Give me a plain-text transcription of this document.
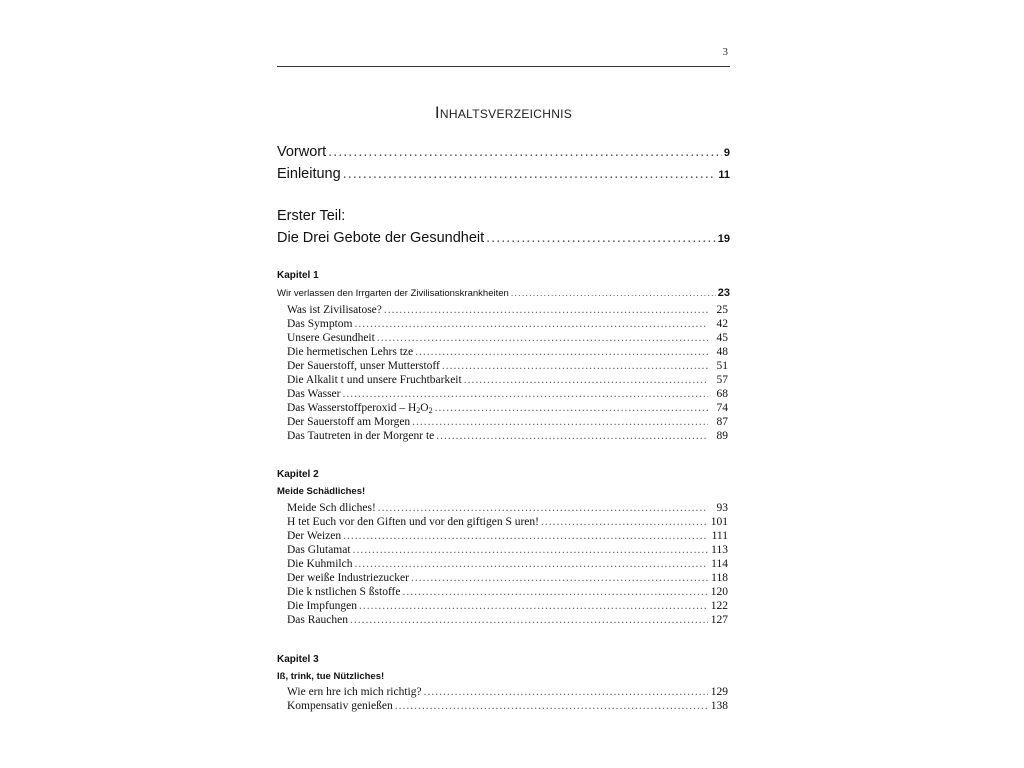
3
Inhaltsverzeichnis
Vorwort .....	9
Einleitung .....	11
Erster Teil:
Die Drei Gebote der Gesundheit .....	19
Kapitel 1
Wir verlassen den Irrgarten der Zivilisationskrankheiten .....	23
Was ist Zivilisatose? .....	25
Das Symptom .....	42
Unsere Gesundheit .....	45
Die hermetischen Lehrs tze .....	48
Der Sauerstoff, unser Mutterstoff .....	51
Die Alkalit t und unsere Fruchtbarkeit .....	57
Das Wasser .....	68
Das Wasserstoffperoxid – $H_2O_2$ .....	74
Der Sauerstoff am Morgen .....	87
Das Tautreten in der Morgenr te .....	89
Kapitel 2
Meide Schädliches!
Meide Sch dliches! .....	93
H tet Euch vor den Giften und vor den giftigen S uren! .....	101
Der Weizen .....	111
Das Glutamat .....	113
Die Kuhmilch .....	114
Der weiße Industriezucker .....	118
Die k nstlichen S ßstoffe .....	120
Die Impfungen .....	122
Das Rauchen .....	127
Kapitel 3
Iß, trink, tue Nützliches!
Wie ern hre ich mich richtig? .....	129
Kompensativ genießen .....	138
